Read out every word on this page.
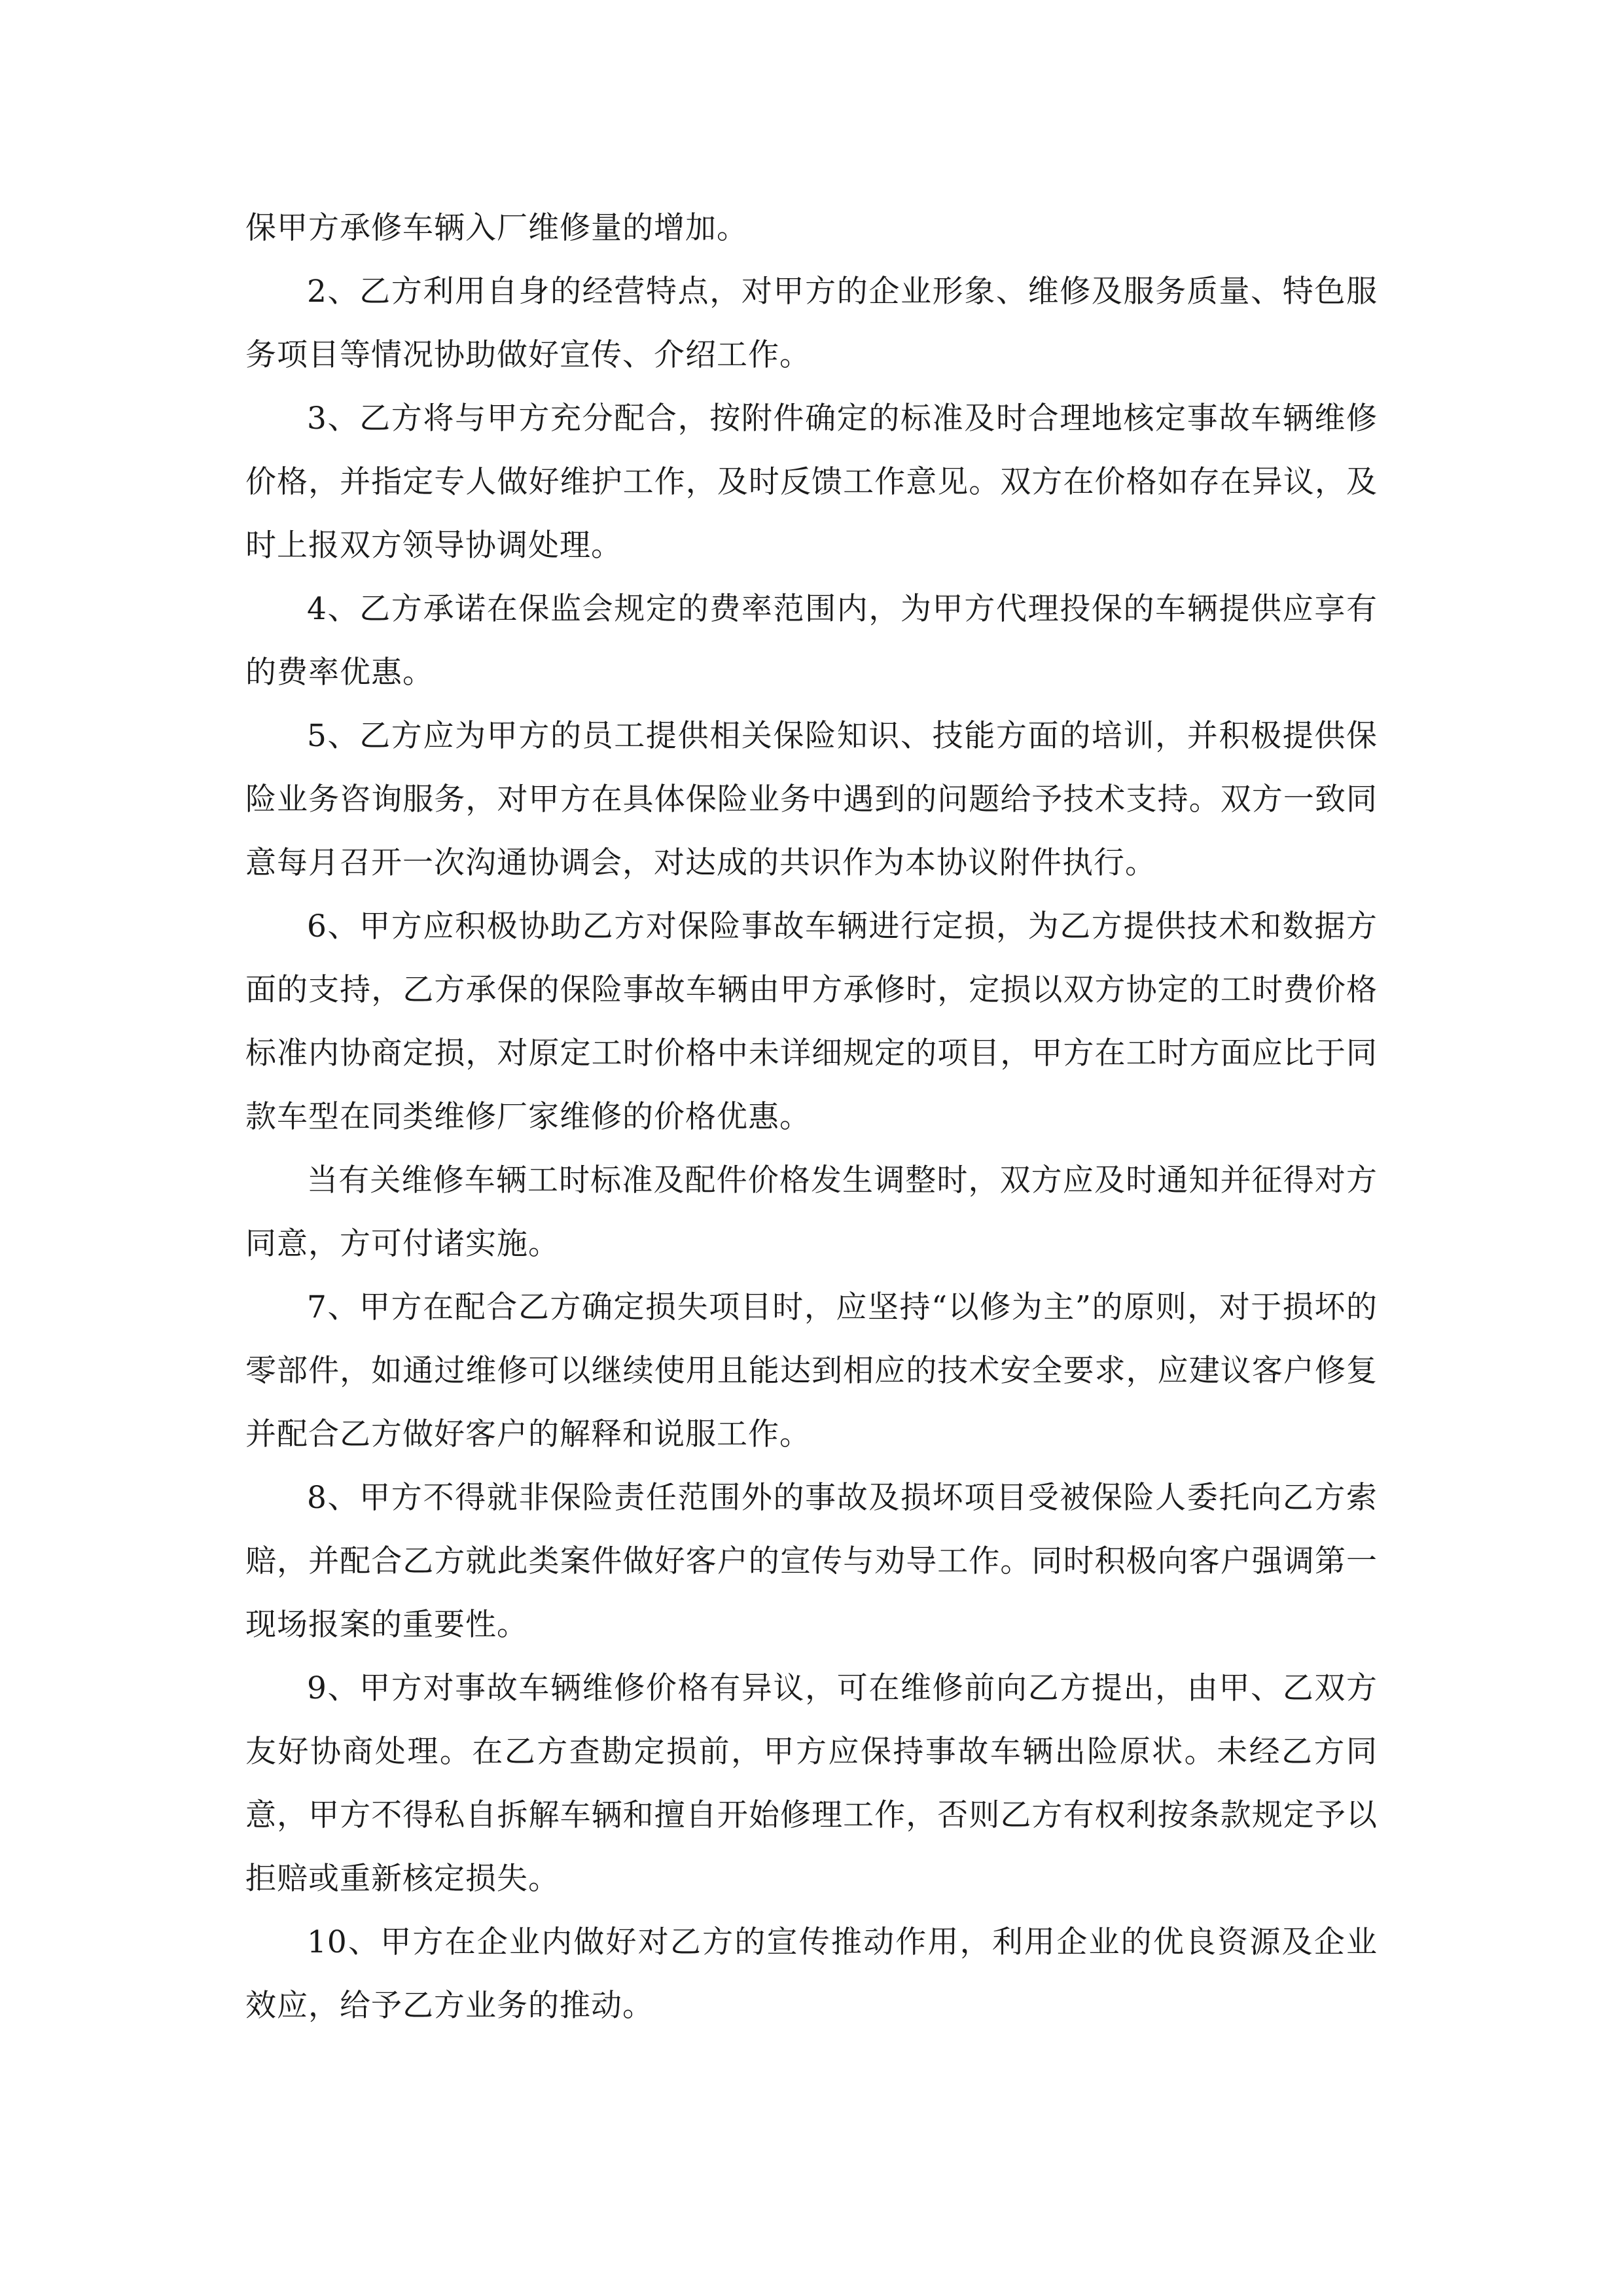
保甲方承修车辆入厂维修量的增加。

2、乙方利用自身的经营特点，对甲方的企业形象、维修及服务质量、特色服务项目等情况协助做好宣传、介绍工作。

3、乙方将与甲方充分配合，按附件确定的标准及时合理地核定事故车辆维修价格，并指定专人做好维护工作，及时反馈工作意见。双方在价格如存在异议，及时上报双方领导协调处理。

4、乙方承诺在保监会规定的费率范围内，为甲方代理投保的车辆提供应享有的费率优惠。

5、乙方应为甲方的员工提供相关保险知识、技能方面的培训，并积极提供保险业务咨询服务，对甲方在具体保险业务中遇到的问题给予技术支持。双方一致同意每月召开一次沟通协调会，对达成的共识作为本协议附件执行。

6、甲方应积极协助乙方对保险事故车辆进行定损，为乙方提供技术和数据方面的支持，乙方承保的保险事故车辆由甲方承修时，定损以双方协定的工时费价格标准内协商定损，对原定工时价格中未详细规定的项目，甲方在工时方面应比于同款车型在同类维修厂家维修的价格优惠。

当有关维修车辆工时标准及配件价格发生调整时，双方应及时通知并征得对方同意，方可付诸实施。

7、甲方在配合乙方确定损失项目时，应坚持“以修为主”的原则，对于损坏的零部件，如通过维修可以继续使用且能达到相应的技术安全要求，应建议客户修复并配合乙方做好客户的解释和说服工作。

8、甲方不得就非保险责任范围外的事故及损坏项目受被保险人委托向乙方索赔，并配合乙方就此类案件做好客户的宣传与劝导工作。同时积极向客户强调第一现场报案的重要性。

9、甲方对事故车辆维修价格有异议，可在维修前向乙方提出，由甲、乙双方友好协商处理。在乙方查勘定损前，甲方应保持事故车辆出险原状。未经乙方同意，甲方不得私自拆解车辆和擅自开始修理工作，否则乙方有权利按条款规定予以拒赔或重新核定损失。

10、甲方在企业内做好对乙方的宣传推动作用，利用企业的优良资源及企业效应，给予乙方业务的推动。
